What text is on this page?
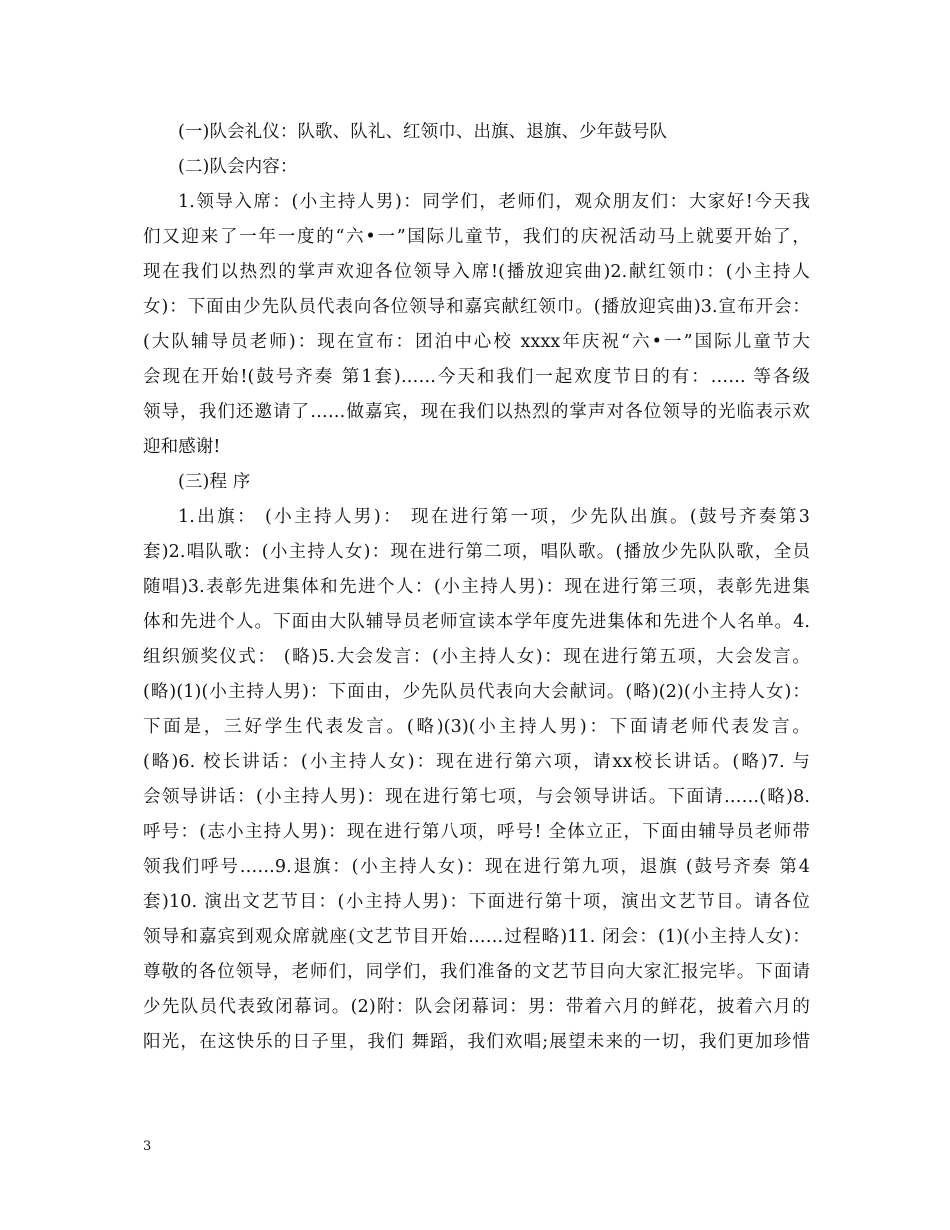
(一)队会礼仪：队歌、队礼、红领巾、出旗、退旗、少年鼓号队
(二)队会内容：
1.领导入席：(小主持人男)：同学们，老师们，观众朋友们：大家好!今天我
们又迎来了一年一度的“六•一”国际儿童节，我们的庆祝活动马上就要开始了，
现在我们以热烈的掌声欢迎各位领导入席!(播放迎宾曲)2.献红领巾：(小主持人
女)：下面由少先队员代表向各位领导和嘉宾献红领巾。(播放迎宾曲)3.宣布开会：
(大队辅导员老师)：现在宣布：团泊中心校 xxxx年庆祝“六•一”国际儿童节大
会现在开始!(鼓号齐奏 第1套)……今天和我们一起欢度节日的有：…… 等各级
领导，我们还邀请了……做嘉宾，现在我们以热烈的掌声对各位领导的光临表示欢
迎和感谢!
(三)程 序
1.出旗： (小主持人男)： 现在进行第一项，少先队出旗。(鼓号齐奏第3
套)2.唱队歌：(小主持人女)：现在进行第二项，唱队歌。(播放少先队队歌，全员
随唱)3.表彰先进集体和先进个人：(小主持人男)：现在进行第三项，表彰先进集
体和先进个人。下面由大队辅导员老师宣读本学年度先进集体和先进个人名单。4.
组织颁奖仪式： (略)5.大会发言：(小主持人女)：现在进行第五项，大会发言。
(略)(1)(小主持人男)：下面由，少先队员代表向大会献词。(略)(2)(小主持人女)：
下面是，三好学生代表发言。(略)(3)(小主持人男)：下面请老师代表发言。
(略)6. 校长讲话：(小主持人女)：现在进行第六项，请xx校长讲话。(略)7. 与
会领导讲话：(小主持人男)：现在进行第七项，与会领导讲话。下面请……(略)8.
呼号：(志小主持人男)：现在进行第八项，呼号! 全体立正，下面由辅导员老师带
领我们呼号……9.退旗：(小主持人女)：现在进行第九项，退旗 (鼓号齐奏 第4
套)10. 演出文艺节目：(小主持人男)：下面进行第十项，演出文艺节目。请各位
领导和嘉宾到观众席就座(文艺节目开始……过程略)11. 闭会：(1)(小主持人女)：
尊敬的各位领导，老师们，同学们，我们准备的文艺节目向大家汇报完毕。下面请
少先队员代表致闭幕词。(2)附：队会闭幕词：男：带着六月的鲜花，披着六月的
阳光，在这快乐的日子里，我们 舞蹈，我们欢唱;展望未来的一切，我们更加珍惜
3
